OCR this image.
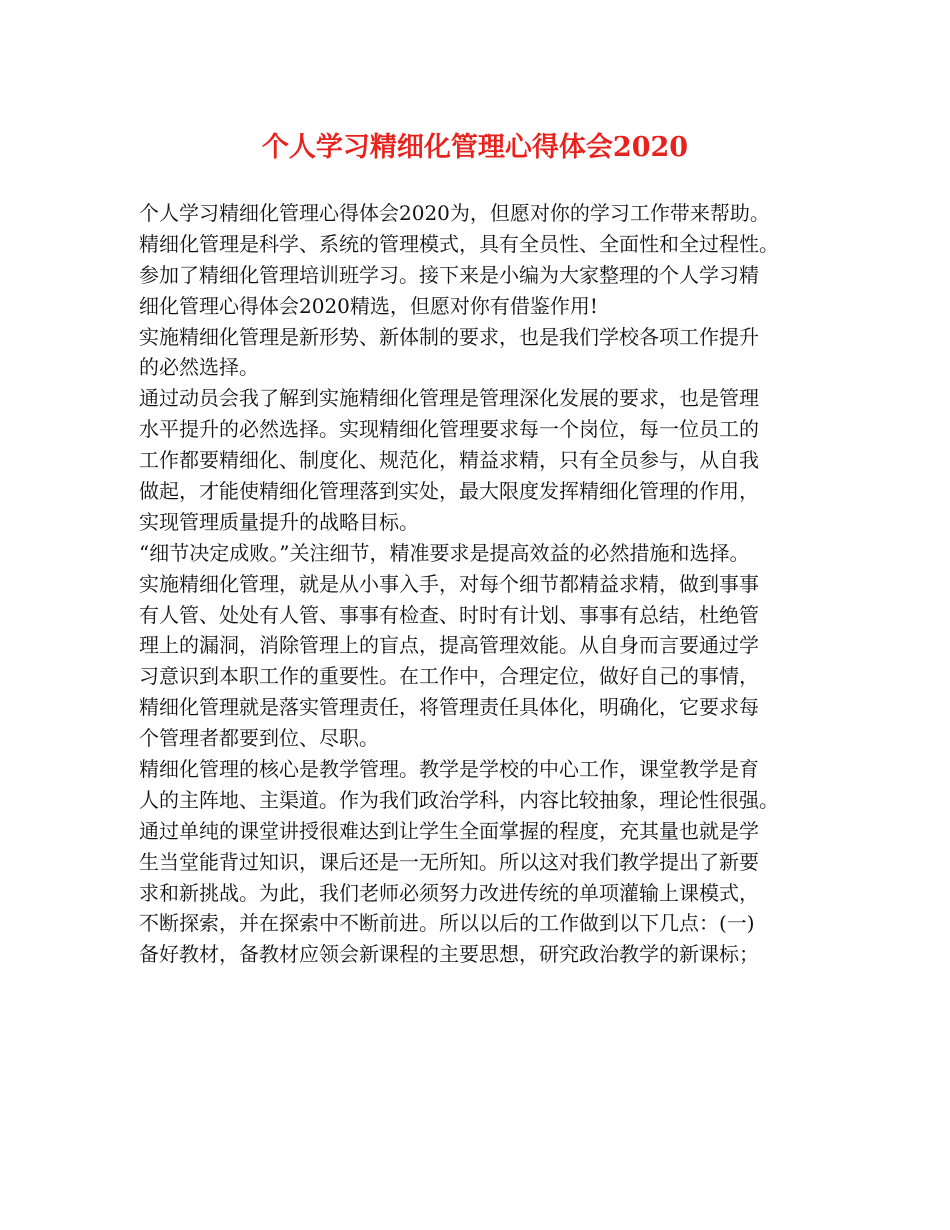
个人学习精细化管理心得体会2020
个人学习精细化管理心得体会2020为，但愿对你的学习工作带来帮助。
精细化管理是科学、系统的管理模式，具有全员性、全面性和全过程性。
参加了精细化管理培训班学习。接下来是小编为大家整理的个人学习精
细化管理心得体会2020精选，但愿对你有借鉴作用!
实施精细化管理是新形势、新体制的要求，也是我们学校各项工作提升
的必然选择。
通过动员会我了解到实施精细化管理是管理深化发展的要求，也是管理
水平提升的必然选择。实现精细化管理要求每一个岗位，每一位员工的
工作都要精细化、制度化、规范化，精益求精，只有全员参与，从自我
做起，才能使精细化管理落到实处，最大限度发挥精细化管理的作用，
实现管理质量提升的战略目标。
“细节决定成败。”关注细节，精准要求是提高效益的必然措施和选择。
实施精细化管理，就是从小事入手，对每个细节都精益求精，做到事事
有人管、处处有人管、事事有检查、时时有计划、事事有总结，杜绝管
理上的漏洞，消除管理上的盲点，提高管理效能。从自身而言要通过学
习意识到本职工作的重要性。在工作中，合理定位，做好自己的事情，
精细化管理就是落实管理责任，将管理责任具体化，明确化，它要求每
个管理者都要到位、尽职。
精细化管理的核心是教学管理。教学是学校的中心工作，课堂教学是育
人的主阵地、主渠道。作为我们政治学科，内容比较抽象，理论性很强。
通过单纯的课堂讲授很难达到让学生全面掌握的程度，充其量也就是学
生当堂能背过知识，课后还是一无所知。所以这对我们教学提出了新要
求和新挑战。为此，我们老师必须努力改进传统的单项灌输上课模式，
不断探索，并在探索中不断前进。所以以后的工作做到以下几点：(一)
备好教材，备教材应领会新课程的主要思想，研究政治教学的新课标；
